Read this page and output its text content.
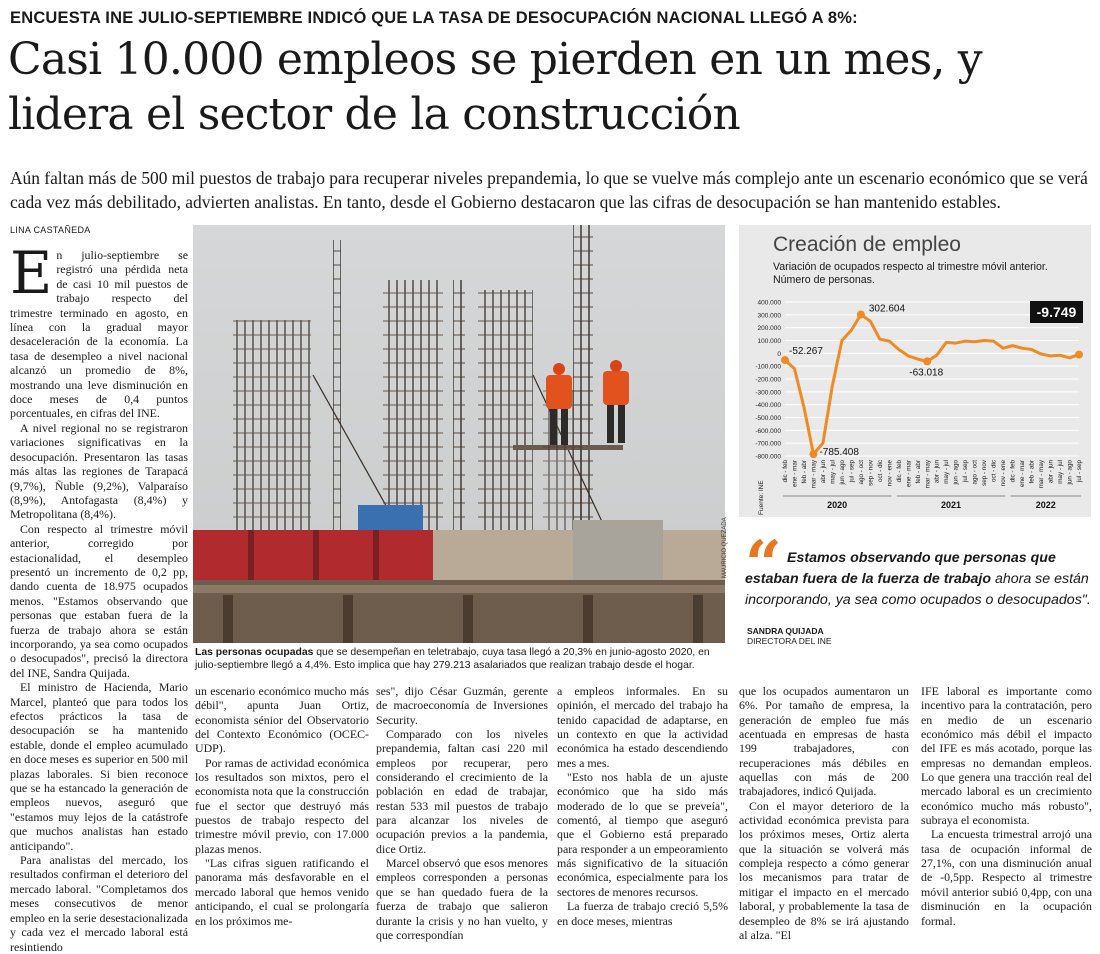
ENCUESTA INE JULIO-SEPTIEMBRE INDICÓ QUE LA TASA DE DESOCUPACIÓN NACIONAL LLEGÓ A 8%:
Casi 10.000 empleos se pierden en un mes, y lidera el sector de la construcción
Aún faltan más de 500 mil puestos de trabajo para recuperar niveles prepandemia, lo que se vuelve más complejo ante un escenario económico que se verá cada vez más debilitado, advierten analistas. En tanto, desde el Gobierno destacaron que las cifras de desocupación se han mantenido estables.
LINA CASTAÑEDA

En julio-septiembre se registró una pérdida neta de casi 10 mil puestos de trabajo respecto del trimestre terminado en agosto, en línea con la gradual mayor desaceleración de la economía. La tasa de desempleo a nivel nacional alcanzó un promedio de 8%, mostrando una leve disminución en doce meses de 0,4 puntos porcentuales, en cifras del INE.

A nivel regional no se registraron variaciones significativas en la desocupación. Presentaron las tasas más altas las regiones de Tarapacá (9,7%), Ñuble (9,2%), Valparaíso (8,9%), Antofagasta (8,4%) y Metropolitana (8,4%).

Con respecto al trimestre móvil anterior, corregido por estacionalidad, el desempleo presentó un incremento de 0,2 pp, dando cuenta de 18.975 ocupados menos. "Estamos observando que personas que estaban fuera de la fuerza de trabajo ahora se están incorporando, ya sea como ocupados o desocupados", precisó la directora del INE, Sandra Quijada.

El ministro de Hacienda, Mario Marcel, planteó que para todos los efectos prácticos la tasa de desocupación se ha mantenido estable, donde el empleo acumulado en doce meses es superior en 500 mil plazas laborales. Si bien reconoce que se ha estancado la generación de empleos nuevos, aseguró que "estamos muy lejos de la catástrofe que muchos analistas han estado anticipando".

Para analistas del mercado, los resultados confirman el deterioro del mercado laboral. "Completamos dos meses consecutivos de menor empleo en la serie desestacionalizada y cada vez el mercado laboral está resintiendo

MAURICIO QUEZADA
Las personas ocupadas que se desempeñan en teletrabajo, cuya tasa llegó a 20,3% en junio-agosto 2020, en julio-septiembre llegó a 4,4%. Esto implica que hay 279.213 asalariados que realizan trabajo desde el hogar.
Creación de empleo
Variación de ocupados respecto al trimestre móvil anterior. Número de personas.
400.000
300.000
200.000
100.000
0
-100.000
-200.000
-300.000
-400.000
-500.000
-600.000
-700.000
-800.000
dic - feb ene - mar feb - abr mar - may abr - jun may - jul jun - ago jul - sep ago - oct sep - nov oct - dic nov - ene dic - feb ene - mar feb - abr mar - may abr - jun may - jul jun - ago jul - sep ago - oct sep - nov oct - dic nov - ene dic - feb ene - mar feb - abr mar - may abr - jun may - jul jun - ago jul - sep
2020	2021	2022
Fuente: INE
-52.267
-785.408
302.604
-63.018
-9.749
“ Estamos observando que personas que estaban fuera de la fuerza de trabajo ahora se están incorporando, ya sea como ocupados o desocupados".
SANDRA QUIJADA
DIRECTORA DEL INE

un escenario económico mucho más débil", apunta Juan Ortiz, economista sénior del Observatorio del Contexto Económico (OCEC-UDP).

Por ramas de actividad económica los resultados son mixtos, pero el economista nota que la construcción fue el sector que destruyó más puestos de trabajo respecto del trimestre móvil previo, con 17.000 plazas menos.

"Las cifras siguen ratificando el panorama más desfavorable en el mercado laboral que hemos venido anticipando, el cual se prolongaría en los próximos me-

ses", dijo César Guzmán, gerente de macroeconomía de Inversiones Security.

Comparado con los niveles prepandemia, faltan casi 220 mil empleos por recuperar, pero considerando el crecimiento de la población en edad de trabajar, restan 533 mil puestos de trabajo para alcanzar los niveles de ocupación previos a la pandemia, dice Ortiz.

Marcel observó que esos menores empleos corresponden a personas que se han quedado fuera de la fuerza de trabajo que salieron durante la crisis y no han vuelto, y que correspondían

a empleos informales. En su opinión, el mercado del trabajo ha tenido capacidad de adaptarse, en un contexto en que la actividad económica ha estado descendiendo mes a mes.

"Esto nos habla de un ajuste económico que ha sido más moderado de lo que se preveía", comentó, al tiempo que aseguró que el Gobierno está preparado para responder a un empeoramiento más significativo de la situación económica, especialmente para los sectores de menores recursos.

La fuerza de trabajo creció 5,5% en doce meses, mientras

que los ocupados aumentaron un 6%. Por tamaño de empresa, la generación de empleo fue más acentuada en empresas de hasta 199 trabajadores, con recuperaciones más débiles en aquellas con más de 200 trabajadores, indicó Quijada.

Con el mayor deterioro de la actividad económica prevista para los próximos meses, Ortiz alerta que la situación se volverá más compleja respecto a cómo generar los mecanismos para tratar de mitigar el impacto en el mercado laboral, y probablemente la tasa de desempleo de 8% se irá ajustando al alza. "El

IFE laboral es importante como incentivo para la contratación, pero en medio de un escenario económico más débil el impacto del IFE es más acotado, porque las empresas no demandan empleos. Lo que genera una tracción real del mercado laboral es un crecimiento económico mucho más robusto", subraya el economista.

La encuesta trimestral arrojó una tasa de ocupación informal de 27,1%, con una disminución anual de -0,5pp. Respecto al trimestre móvil anterior subió 0,4pp, con una disminución en la ocupación formal.
